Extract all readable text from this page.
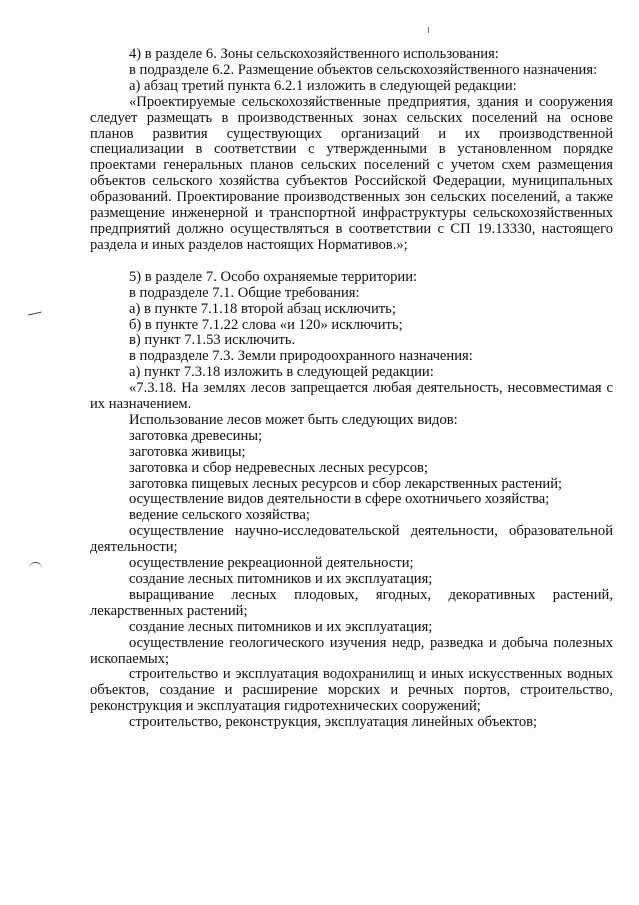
4) в разделе 6. Зоны сельскохозяйственного использования:

в подразделе 6.2. Размещение объектов сельскохозяйственного назначения:

а) абзац третий пункта 6.2.1 изложить в следующей редакции:

«Проектируемые сельскохозяйственные предприятия, здания и сооружения следует размещать в производственных зонах сельских поселений на основе планов развития существующих организаций и их производственной специализации в соответствии с утвержденными в установленном порядке проектами генеральных планов сельских поселений с учетом схем размещения объектов сельского хозяйства субъектов Российской Федерации, муниципальных образований. Проектирование производственных зон сельских поселений, а также размещение инженерной и транспортной инфраструктуры сельскохозяйственных предприятий должно осуществляться в соответствии с СП 19.13330, настоящего раздела и иных разделов настоящих Нормативов.»;

5) в разделе 7. Особо охраняемые территории:

в подразделе 7.1. Общие требования:

а) в пункте 7.1.18 второй абзац исключить;

б) в пункте 7.1.22 слова «и 120» исключить;

в) пункт 7.1.53 исключить.

в подразделе 7.3. Земли природоохранного назначения:

а) пункт 7.3.18 изложить в следующей редакции:

«7.3.18. На землях лесов запрещается любая деятельность, несовместимая с их назначением.

Использование лесов может быть следующих видов:

заготовка древесины;

заготовка живицы;

заготовка и сбор недревесных лесных ресурсов;

заготовка пищевых лесных ресурсов и сбор лекарственных растений;

осуществление видов деятельности в сфере охотничьего хозяйства;

ведение сельского хозяйства;

осуществление научно-исследовательской деятельности, образовательной деятельности;

осуществление рекреационной деятельности;

создание лесных питомников и их эксплуатация;

выращивание лесных плодовых, ягодных, декоративных растений, лекарственных растений;

создание лесных питомников и их эксплуатация;

осуществление геологического изучения недр, разведка и добыча полезных ископаемых;

строительство и эксплуатация водохранилищ и иных искусственных водных объектов, создание и расширение морских и речных портов, строительство, реконструкция и эксплуатация гидротехнических сооружений;

строительство, реконструкция, эксплуатация линейных объектов;
